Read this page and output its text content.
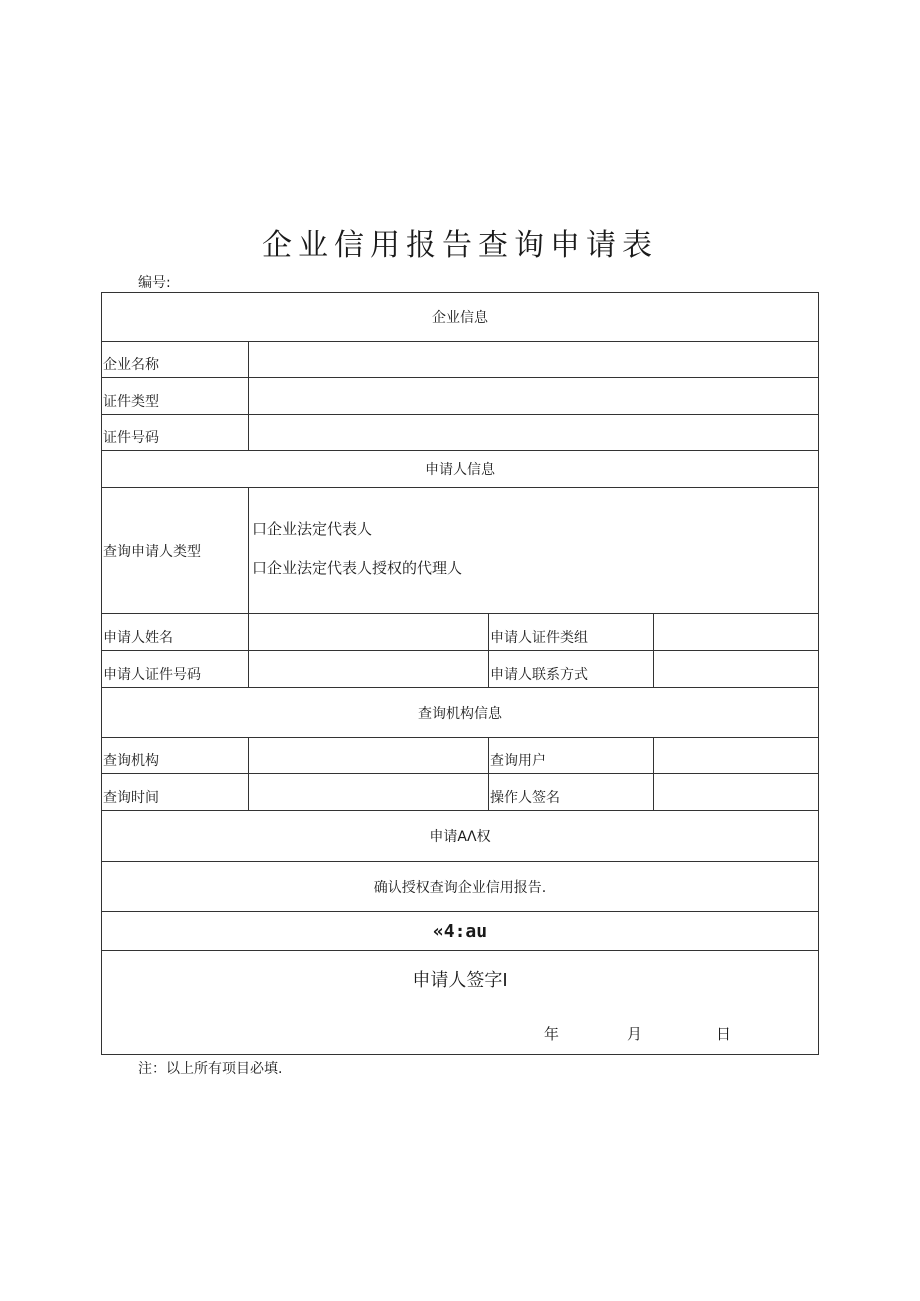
企业信用报告查询申请表
编号:
企业信息			
企业名称			
证件类型			
证件号码			
申请人信息			
查询申请人类型	口企业法定代表人
口企业法定代表人授权的代理人		

申请人姓名		申请人证件类组	
申请人证件号码		申请人联系方式	
查询机构信息			
查询机构		查询用户	
查询时间		操作人签名	
申请AΛ权			
确认授权查询企业信用报告.			
«4:au			

申请人签字I
年 月 日			
注：以上所有项目必填.
